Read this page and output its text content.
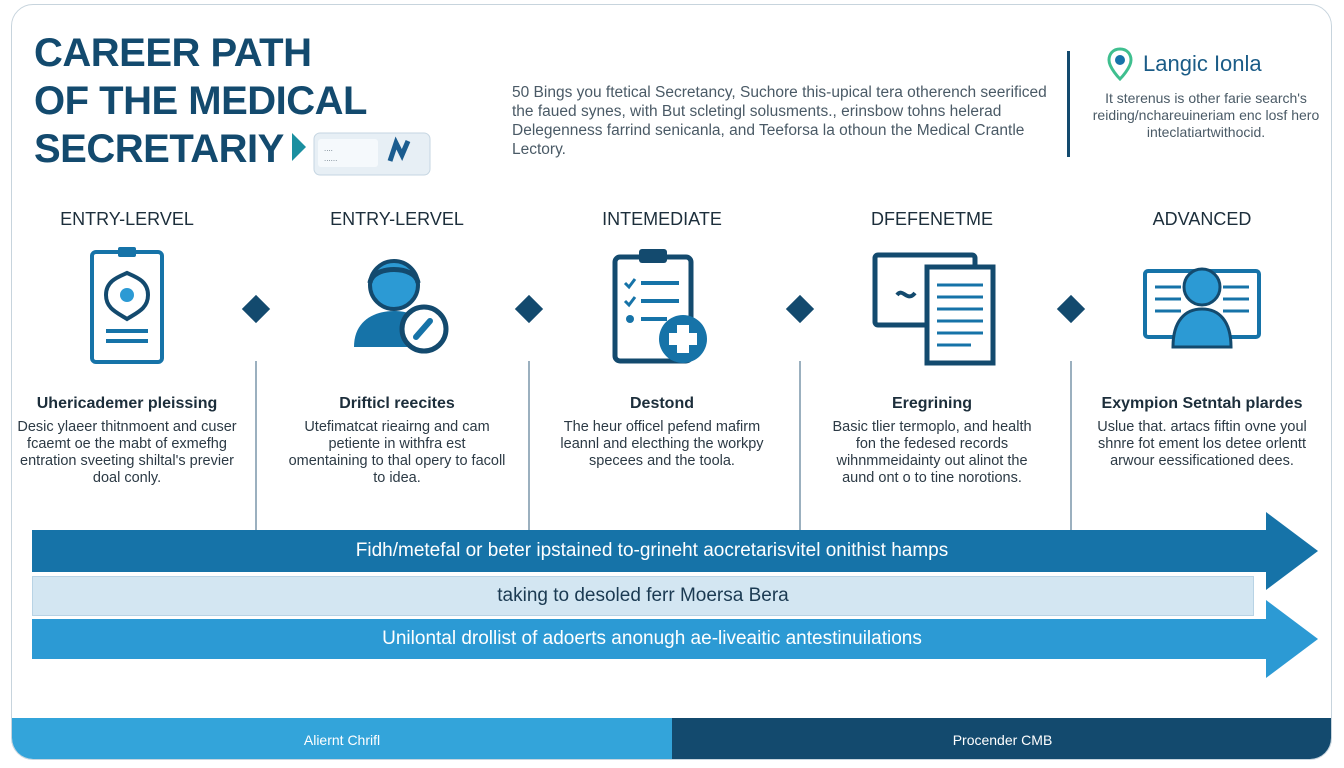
CAREER PATH
OF THE MEDICAL
SECRETARIY	....
......

50 Bings you ftetical Secretancy, Suchore this-upical tera otherench seerificed the faued synes, with But scletingl solusments., erinsbow tohns helerad Delegenness farrind senicanla, and Teeforsa la othoun the Medical Crantle Lectory.

Langic Ionla

It sterenus is other farie search's reiding/nchareuineriam enc losf hero inteclatiartwithocid.

ENTRY-LERVEL

Uhericademer pleissing

Desic ylaeer thitnmoent and cuser fcaemt oe the mabt of exmefhg entration sveeting shiltal's previer doal conly.

ENTRY-LERVEL

Drifticl reecites

Utefimatcat rieairng and cam petiente in withfra est omentaining to thal opery to facoll to idea.

INTEMEDIATE

Destond

The heur officel pefend mafirm leannl and electhing the workpy specees and the toola.

DFEFENETME

Eregrining

Basic tlier termoplo, and health fon the fedesed records wihnmmeidainty out alinot the aund ont o to tine norotions.

ADVANCED

Exympion Setntah plardes

Uslue that. artacs fiftin ovne youl shnre fot ement los detee orlentt arwour eessificationed dees.

Fidh/metefal or beter ipstained to-grineht aocretarisvitel onithist hamps
taking to desoled ferr Moersa Bera
Unilontal drollist of adoerts anonugh ae-liveaitic antestinuilations
Aliernt Chrifl	Procender CMB
